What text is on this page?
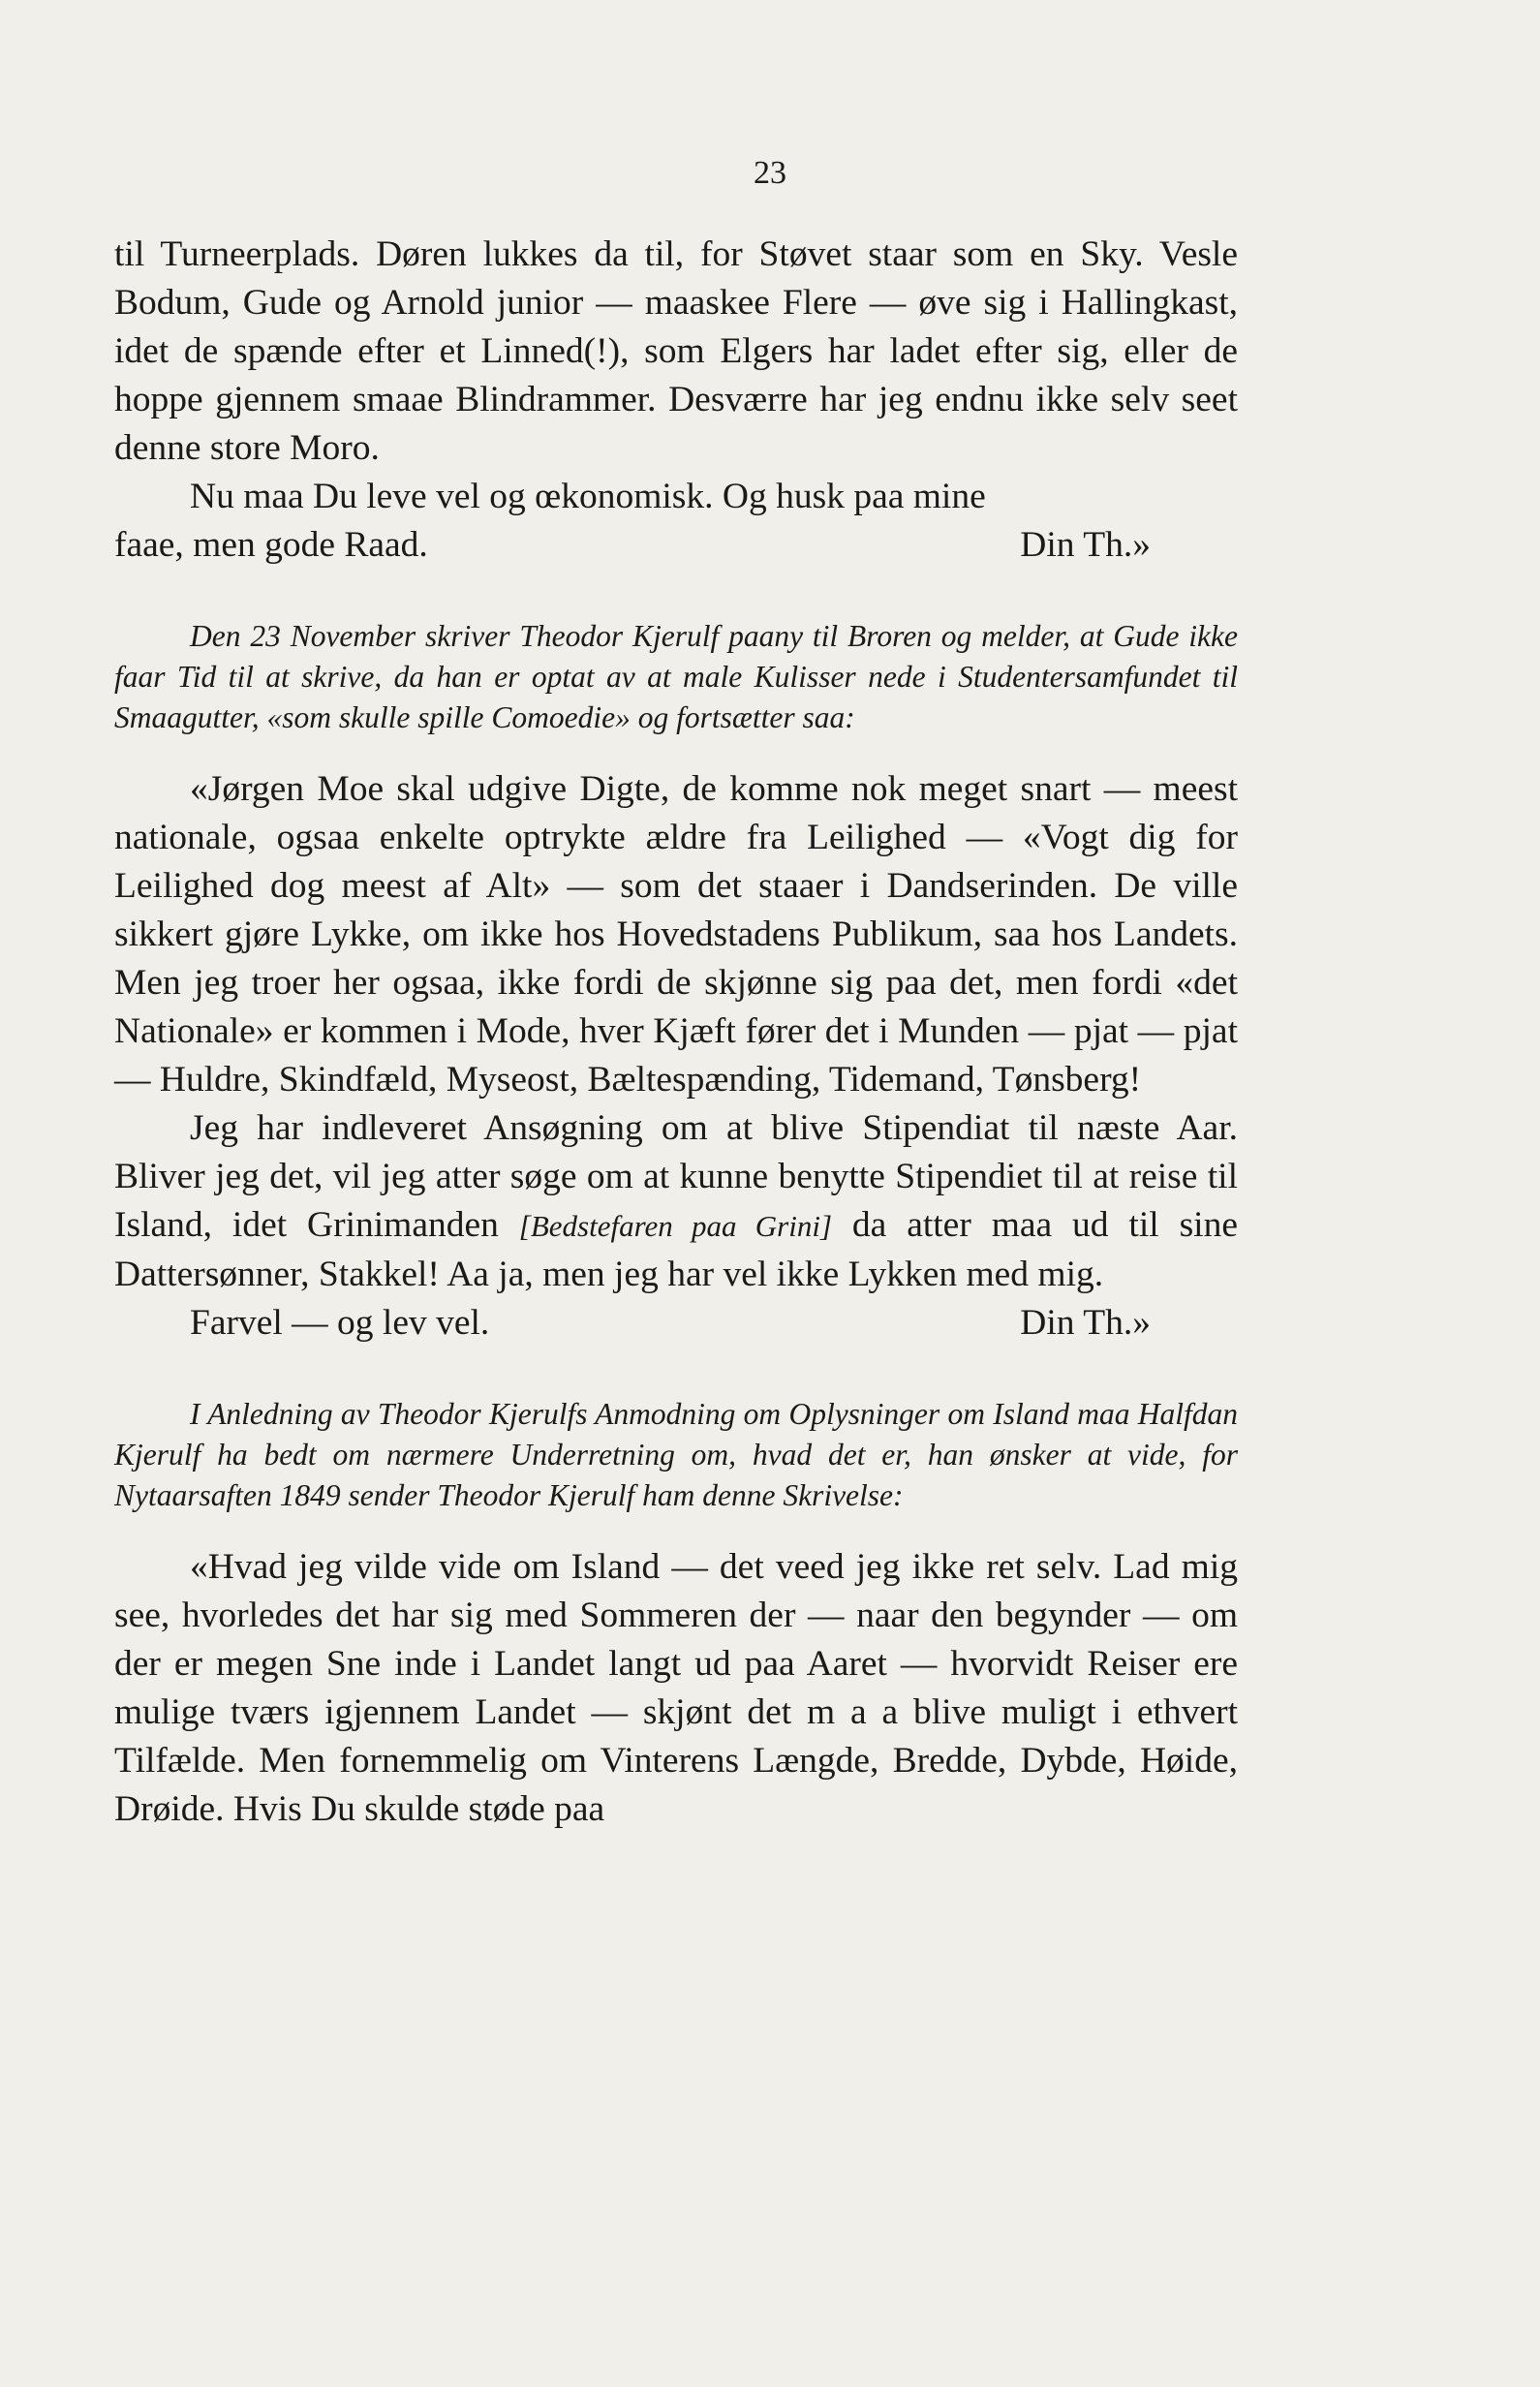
23

til Turneerplads. Døren lukkes da til, for Støvet staar som en Sky. Vesle Bodum, Gude og Arnold junior — maaskee Flere — øve sig i Hallingkast, idet de spænde efter et Linned(!), som Elgers har ladet efter sig, eller de hoppe gjennem smaae Blindrammer. Desværre har jeg endnu ikke selv seet denne store Moro.

Nu maa Du leve vel og œkonomisk. Og husk paa mine

faae, men gode Raad.	Din Th.»

Den 23 November skriver Theodor Kjerulf paany til Broren og melder, at Gude ikke faar Tid til at skrive, da han er optat av at male Kulisser nede i Studentersamfundet til Smaagutter, «som skulle spille Comoedie» og fortsætter saa:

«Jørgen Moe skal udgive Digte, de komme nok meget snart — meest nationale, ogsaa enkelte optrykte ældre fra Leilighed — «Vogt dig for Leilighed dog meest af Alt» — som det staaer i Dandserinden. De ville sikkert gjøre Lykke, om ikke hos Hovedstadens Publikum, saa hos Landets. Men jeg troer her ogsaa, ikke fordi de skjønne sig paa det, men fordi «det Nationale» er kommen i Mode, hver Kjæft fører det i Munden — pjat — pjat — Huldre, Skindfæld, Myseost, Bæltespænding, Tidemand, Tønsberg!

Jeg har indleveret Ansøgning om at blive Stipendiat til næste Aar. Bliver jeg det, vil jeg atter søge om at kunne benytte Stipendiet til at reise til Island, idet Grinimanden [Bedstefaren paa Grini] da atter maa ud til sine Dattersønner, Stakkel! Aa ja, men jeg har vel ikke Lykken med mig.

Farvel — og lev vel.	Din Th.»

I Anledning av Theodor Kjerulfs Anmodning om Oplysninger om Island maa Halfdan Kjerulf ha bedt om nærmere Underretning om, hvad det er, han ønsker at vide, for Nytaarsaften 1849 sender Theodor Kjerulf ham denne Skrivelse:

«Hvad jeg vilde vide om Island — det veed jeg ikke ret selv. Lad mig see, hvorledes det har sig med Sommeren der — naar den begynder — om der er megen Sne inde i Landet langt ud paa Aaret — hvorvidt Reiser ere mulige tværs igjennem Landet — skjønt det m a a blive muligt i ethvert Tilfælde. Men fornemmelig om Vinterens Længde, Bredde, Dybde, Høide, Drøide. Hvis Du skulde støde paa
